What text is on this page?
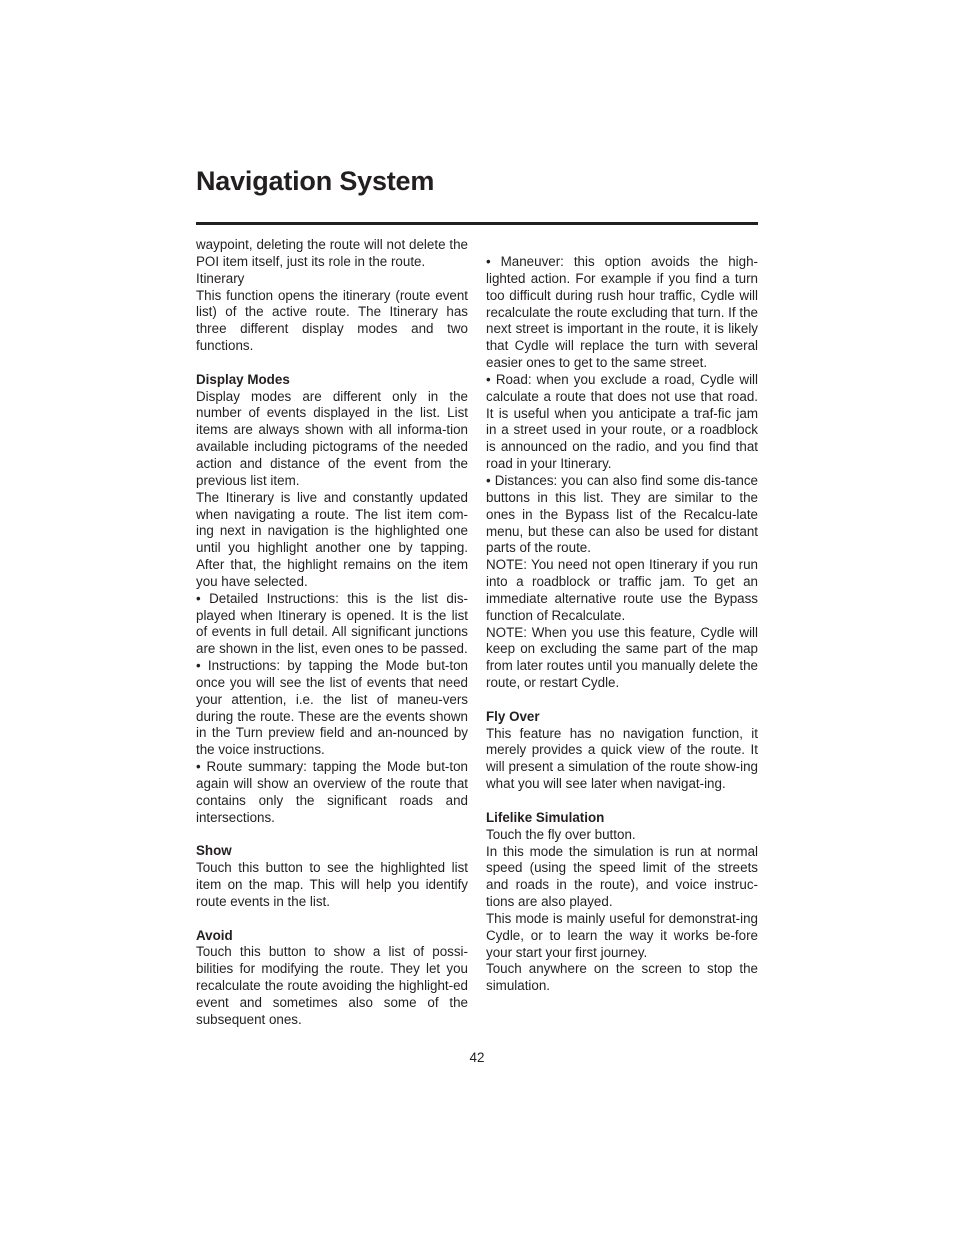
Navigation System

waypoint, deleting the route will not delete the POI item itself, just its role in the route.

Itinerary

This function opens the itinerary (route event list) of the active route. The Itinerary has three different display modes and two functions.

Display Modes

Display modes are different only in the number of events displayed in the list. List items are always shown with all informa-tion available including pictograms of the needed action and distance of the event from the previous list item.

The Itinerary is live and constantly updated when navigating a route. The list item com-ing next in navigation is the highlighted one until you highlight another one by tapping. After that, the highlight remains on the item you have selected.

• Detailed Instructions: this is the list dis-played when Itinerary is opened. It is the list of events in full detail. All significant junctions are shown in the list, even ones to be passed.

• Instructions: by tapping the Mode but-ton once you will see the list of events that need your attention, i.e. the list of maneu-vers during the route. These are the events shown in the Turn preview field and an-nounced by the voice instructions.

• Route summary: tapping the Mode but-ton again will show an overview of the route that contains only the significant roads and intersections.

Show

Touch this button to see the highlighted list item on the map. This will help you identify route events in the list.

Avoid

Touch this button to show a list of possi-bilities for modifying the route. They let you recalculate the route avoiding the highlight-ed event and sometimes also some of the subsequent ones.

• Maneuver: this option avoids the high-lighted action. For example if you find a turn too difficult during rush hour traffic, Cydle will recalculate the route excluding that turn. If the next street is important in the route, it is likely that Cydle will replace the turn with several easier ones to get to the same street.

• Road: when you exclude a road, Cydle will calculate a route that does not use that road. It is useful when you anticipate a traf-fic jam in a street used in your route, or a roadblock is announced on the radio, and you find that road in your Itinerary.

• Distances: you can also find some dis-tance buttons in this list. They are similar to the ones in the Bypass list of the Recalcu-late menu, but these can also be used for distant parts of the route.

NOTE: You need not open Itinerary if you run into a roadblock or traffic jam. To get an immediate alternative route use the Bypass function of Recalculate.

NOTE: When you use this feature, Cydle will keep on excluding the same part of the map from later routes until you manually delete the route, or restart Cydle.

Fly Over

This feature has no navigation function, it merely provides a quick view of the route. It will present a simulation of the route show-ing what you will see later when navigat-ing.

Lifelike Simulation

Touch the fly over button.

In this mode the simulation is run at normal speed (using the speed limit of the streets and roads in the route), and voice instruc-tions are also played.

This mode is mainly useful for demonstrat-ing Cydle, or to learn the way it works be-fore your start your first journey.

Touch anywhere on the screen to stop the simulation.

42
